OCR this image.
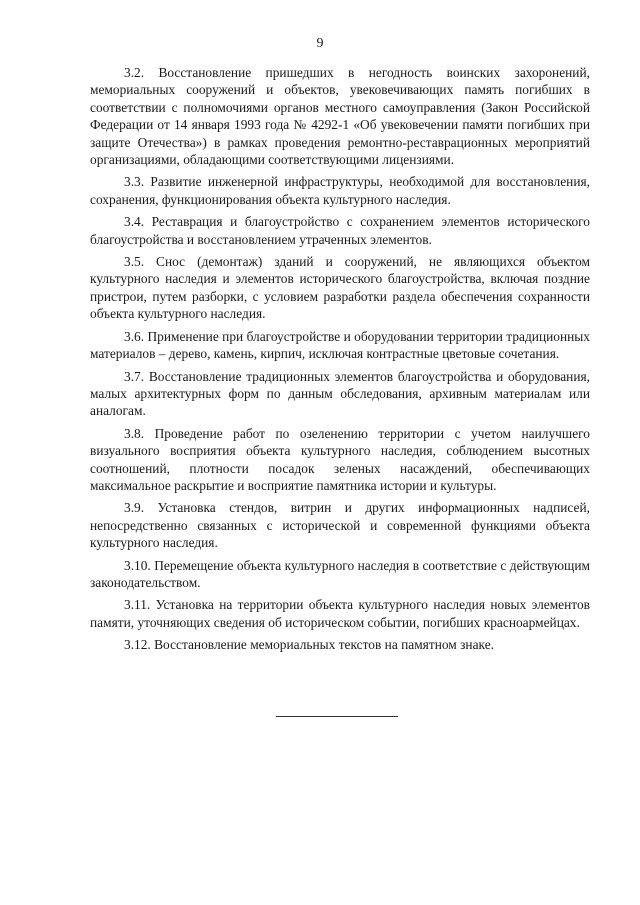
9

3.2. Восстановление пришедших в негодность воинских захоронений, мемориальных сооружений и объектов, увековечивающих память погибших в соответствии с полномочиями органов местного самоуправления (Закон Российской Федерации от 14 января 1993 года № 4292-1 «Об увековечении памяти погибших при защите Отечества») в рамках проведения ремонтно-реставрационных мероприятий организациями, обладающими соответствующими лицензиями.

3.3. Развитие инженерной инфраструктуры, необходимой для восстановления, сохранения, функционирования объекта культурного наследия.

3.4. Реставрация и благоустройство с сохранением элементов исторического благоустройства и восстановлением утраченных элементов.

3.5. Снос (демонтаж) зданий и сооружений, не являющихся объектом культурного наследия и элементов исторического благоустройства, включая поздние пристрои, путем разборки, с условием разработки раздела обеспечения сохранности объекта культурного наследия.

3.6. Применение при благоустройстве и оборудовании территории традиционных материалов – дерево, камень, кирпич, исключая контрастные цветовые сочетания.

3.7. Восстановление традиционных элементов благоустройства и оборудования, малых архитектурных форм по данным обследования, архивным материалам или аналогам.

3.8. Проведение работ по озеленению территории с учетом наилучшего визуального восприятия объекта культурного наследия, соблюдением высотных соотношений, плотности посадок зеленых насаждений, обеспечивающих максимальное раскрытие и восприятие памятника истории и культуры.

3.9. Установка стендов, витрин и других информационных надписей, непосредственно связанных с исторической и современной функциями объекта культурного наследия.

3.10. Перемещение объекта культурного наследия в соответствие с действующим законодательством.

3.11. Установка на территории объекта культурного наследия новых элементов памяти, уточняющих сведения об историческом событии, погибших красноармейцах.

3.12. Восстановление мемориальных текстов на памятном знаке.
